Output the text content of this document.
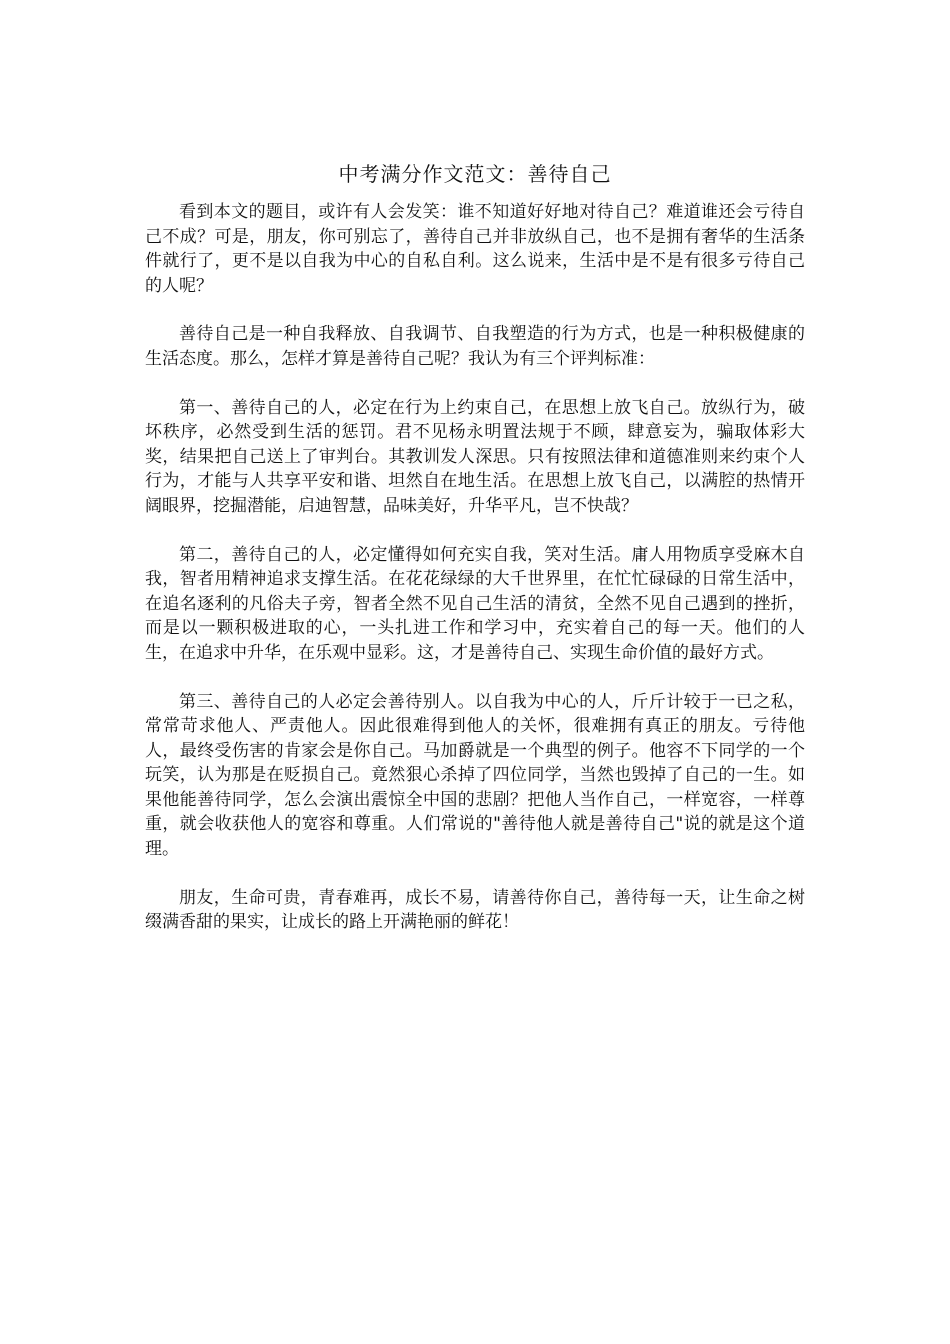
中考满分作文范文：善待自己

看到本文的题目，或许有人会发笑：谁不知道好好地对待自己？难道谁还会亏待自己不成？可是，朋友，你可别忘了，善待自己并非放纵自己，也不是拥有奢华的生活条件就行了，更不是以自我为中心的自私自利。这么说来，生活中是不是有很多亏待自己的人呢？

善待自己是一种自我释放、自我调节、自我塑造的行为方式，也是一种积极健康的生活态度。那么，怎样才算是善待自己呢？我认为有三个评判标准：

第一、善待自己的人，必定在行为上约束自己，在思想上放飞自己。放纵行为，破坏秩序，必然受到生活的惩罚。君不见杨永明置法规于不顾，肆意妄为，骗取体彩大奖，结果把自己送上了审判台。其教训发人深思。只有按照法律和道德准则来约束个人行为，才能与人共享平安和谐、坦然自在地生活。在思想上放飞自己，以满腔的热情开阔眼界，挖掘潜能，启迪智慧，品味美好，升华平凡，岂不快哉？

第二，善待自己的人，必定懂得如何充实自我，笑对生活。庸人用物质享受麻木自我，智者用精神追求支撑生活。在花花绿绿的大千世界里，在忙忙碌碌的日常生活中，在追名逐利的凡俗夫子旁，智者全然不见自己生活的清贫，全然不见自己遇到的挫折，而是以一颗积极进取的心，一头扎进工作和学习中，充实着自己的每一天。他们的人生，在追求中升华，在乐观中显彩。这，才是善待自己、实现生命价值的最好方式。

第三、善待自己的人必定会善待别人。以自我为中心的人，斤斤计较于一已之私，常常苛求他人、严责他人。因此很难得到他人的关怀，很难拥有真正的朋友。亏待他人，最终受伤害的肯家会是你自己。马加爵就是一个典型的例子。他容不下同学的一个玩笑，认为那是在贬损自己。竟然狠心杀掉了四位同学，当然也毁掉了自己的一生。如果他能善待同学，怎么会演出震惊全中国的悲剧？把他人当作自己，一样宽容，一样尊重，就会收获他人的宽容和尊重。人们常说的"善待他人就是善待自己"说的就是这个道理。

朋友，生命可贵，青春难再，成长不易，请善待你自己，善待每一天，让生命之树缀满香甜的果实，让成长的路上开满艳丽的鲜花！
